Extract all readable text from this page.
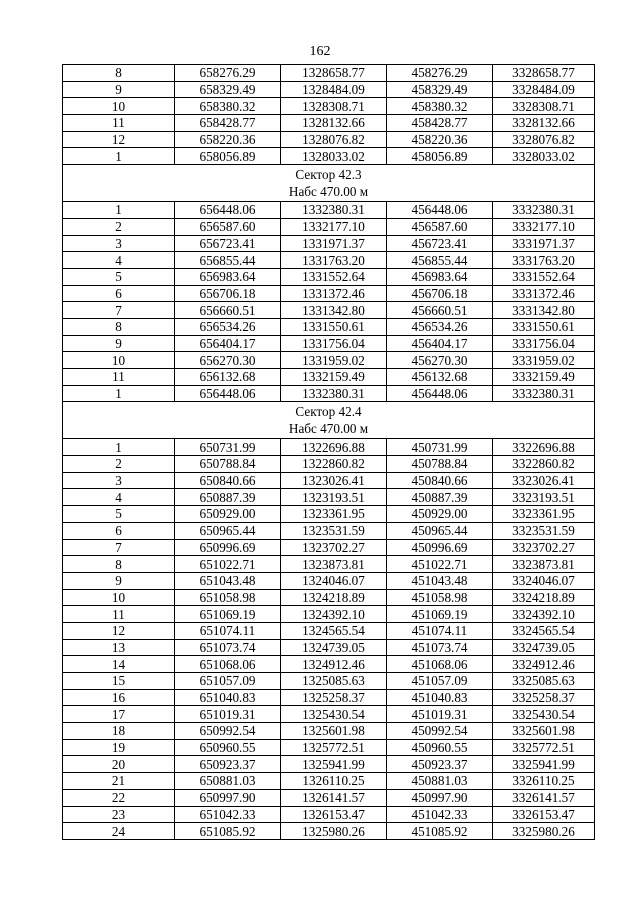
162
8	658276.29	1328658.77	458276.29	3328658.77
9	658329.49	1328484.09	458329.49	3328484.09
10	658380.32	1328308.71	458380.32	3328308.71
11	658428.77	1328132.66	458428.77	3328132.66
12	658220.36	1328076.82	458220.36	3328076.82
1	658056.89	1328033.02	458056.89	3328033.02

Сектор 42.3
Набс 470.00 м				

1	656448.06	1332380.31	456448.06	3332380.31
2	656587.60	1332177.10	456587.60	3332177.10
3	656723.41	1331971.37	456723.41	3331971.37
4	656855.44	1331763.20	456855.44	3331763.20
5	656983.64	1331552.64	456983.64	3331552.64
6	656706.18	1331372.46	456706.18	3331372.46
7	656660.51	1331342.80	456660.51	3331342.80
8	656534.26	1331550.61	456534.26	3331550.61
9	656404.17	1331756.04	456404.17	3331756.04
10	656270.30	1331959.02	456270.30	3331959.02
11	656132.68	1332159.49	456132.68	3332159.49
1	656448.06	1332380.31	456448.06	3332380.31

Сектор 42.4
Набс 470.00 м				

1	650731.99	1322696.88	450731.99	3322696.88
2	650788.84	1322860.82	450788.84	3322860.82
3	650840.66	1323026.41	450840.66	3323026.41
4	650887.39	1323193.51	450887.39	3323193.51
5	650929.00	1323361.95	450929.00	3323361.95
6	650965.44	1323531.59	450965.44	3323531.59
7	650996.69	1323702.27	450996.69	3323702.27
8	651022.71	1323873.81	451022.71	3323873.81
9	651043.48	1324046.07	451043.48	3324046.07
10	651058.98	1324218.89	451058.98	3324218.89
11	651069.19	1324392.10	451069.19	3324392.10
12	651074.11	1324565.54	451074.11	3324565.54
13	651073.74	1324739.05	451073.74	3324739.05
14	651068.06	1324912.46	451068.06	3324912.46
15	651057.09	1325085.63	451057.09	3325085.63
16	651040.83	1325258.37	451040.83	3325258.37
17	651019.31	1325430.54	451019.31	3325430.54
18	650992.54	1325601.98	450992.54	3325601.98
19	650960.55	1325772.51	450960.55	3325772.51
20	650923.37	1325941.99	450923.37	3325941.99
21	650881.03	1326110.25	450881.03	3326110.25
22	650997.90	1326141.57	450997.90	3326141.57
23	651042.33	1326153.47	451042.33	3326153.47
24	651085.92	1325980.26	451085.92	3325980.26
